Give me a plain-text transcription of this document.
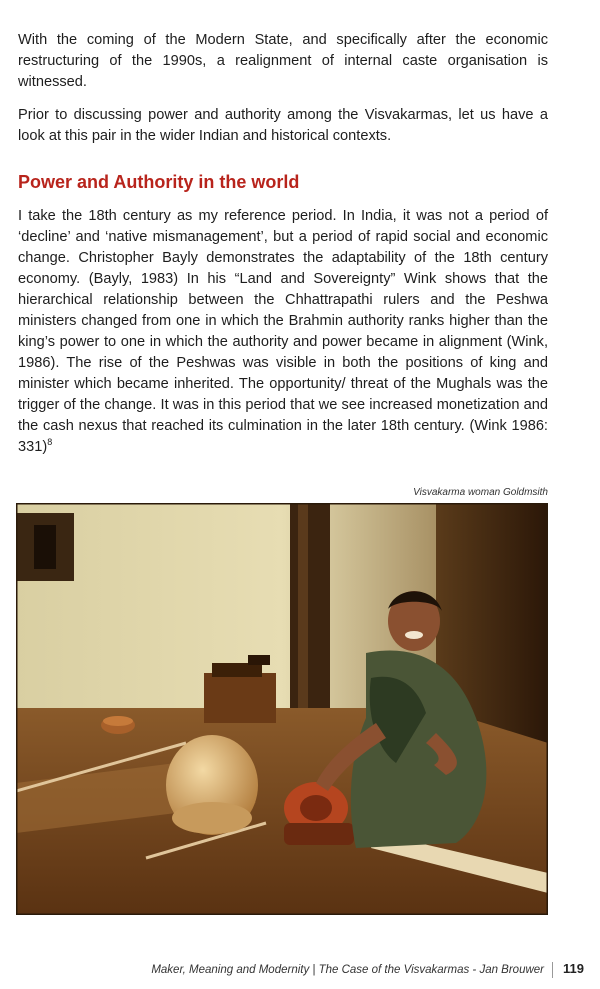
With the coming of the Modern State, and specifically after the economic restructuring of the 1990s, a realignment of internal caste organisation is witnessed.

Prior to discussing power and authority among the Visvakarmas, let us have a look at this pair in the wider Indian and historical contexts.

Power and Authority in the world

I take the 18th century as my reference period. In India, it was not a period of ‘decline’ and ‘native mismanagement’, but a period of rapid social and economic change. Christopher Bayly demonstrates the adaptability of the 18th century economy. (Bayly, 1983) In his “Land and Sovereignty” Wink shows that the hierarchical relationship between the Chhattrapathi rulers and the Peshwa ministers changed from one in which the Brahmin authority ranks higher than the king’s power to one in which the authority and power became in alignment (Wink, 1986). The rise of the Peshwas was visible in both the positions of king and minister which became inherited. The opportunity/ threat of the Mughals was the trigger of the change. It was in this period that we see increased monetization and the cash nexus that reached its culmination in the later 18th century. (Wink 1986: 331)$^8$

Visvakarma woman Goldmsith
Maker, Meaning and Modernity | The Case of the Visvakarmas - Jan Brouwer 119
